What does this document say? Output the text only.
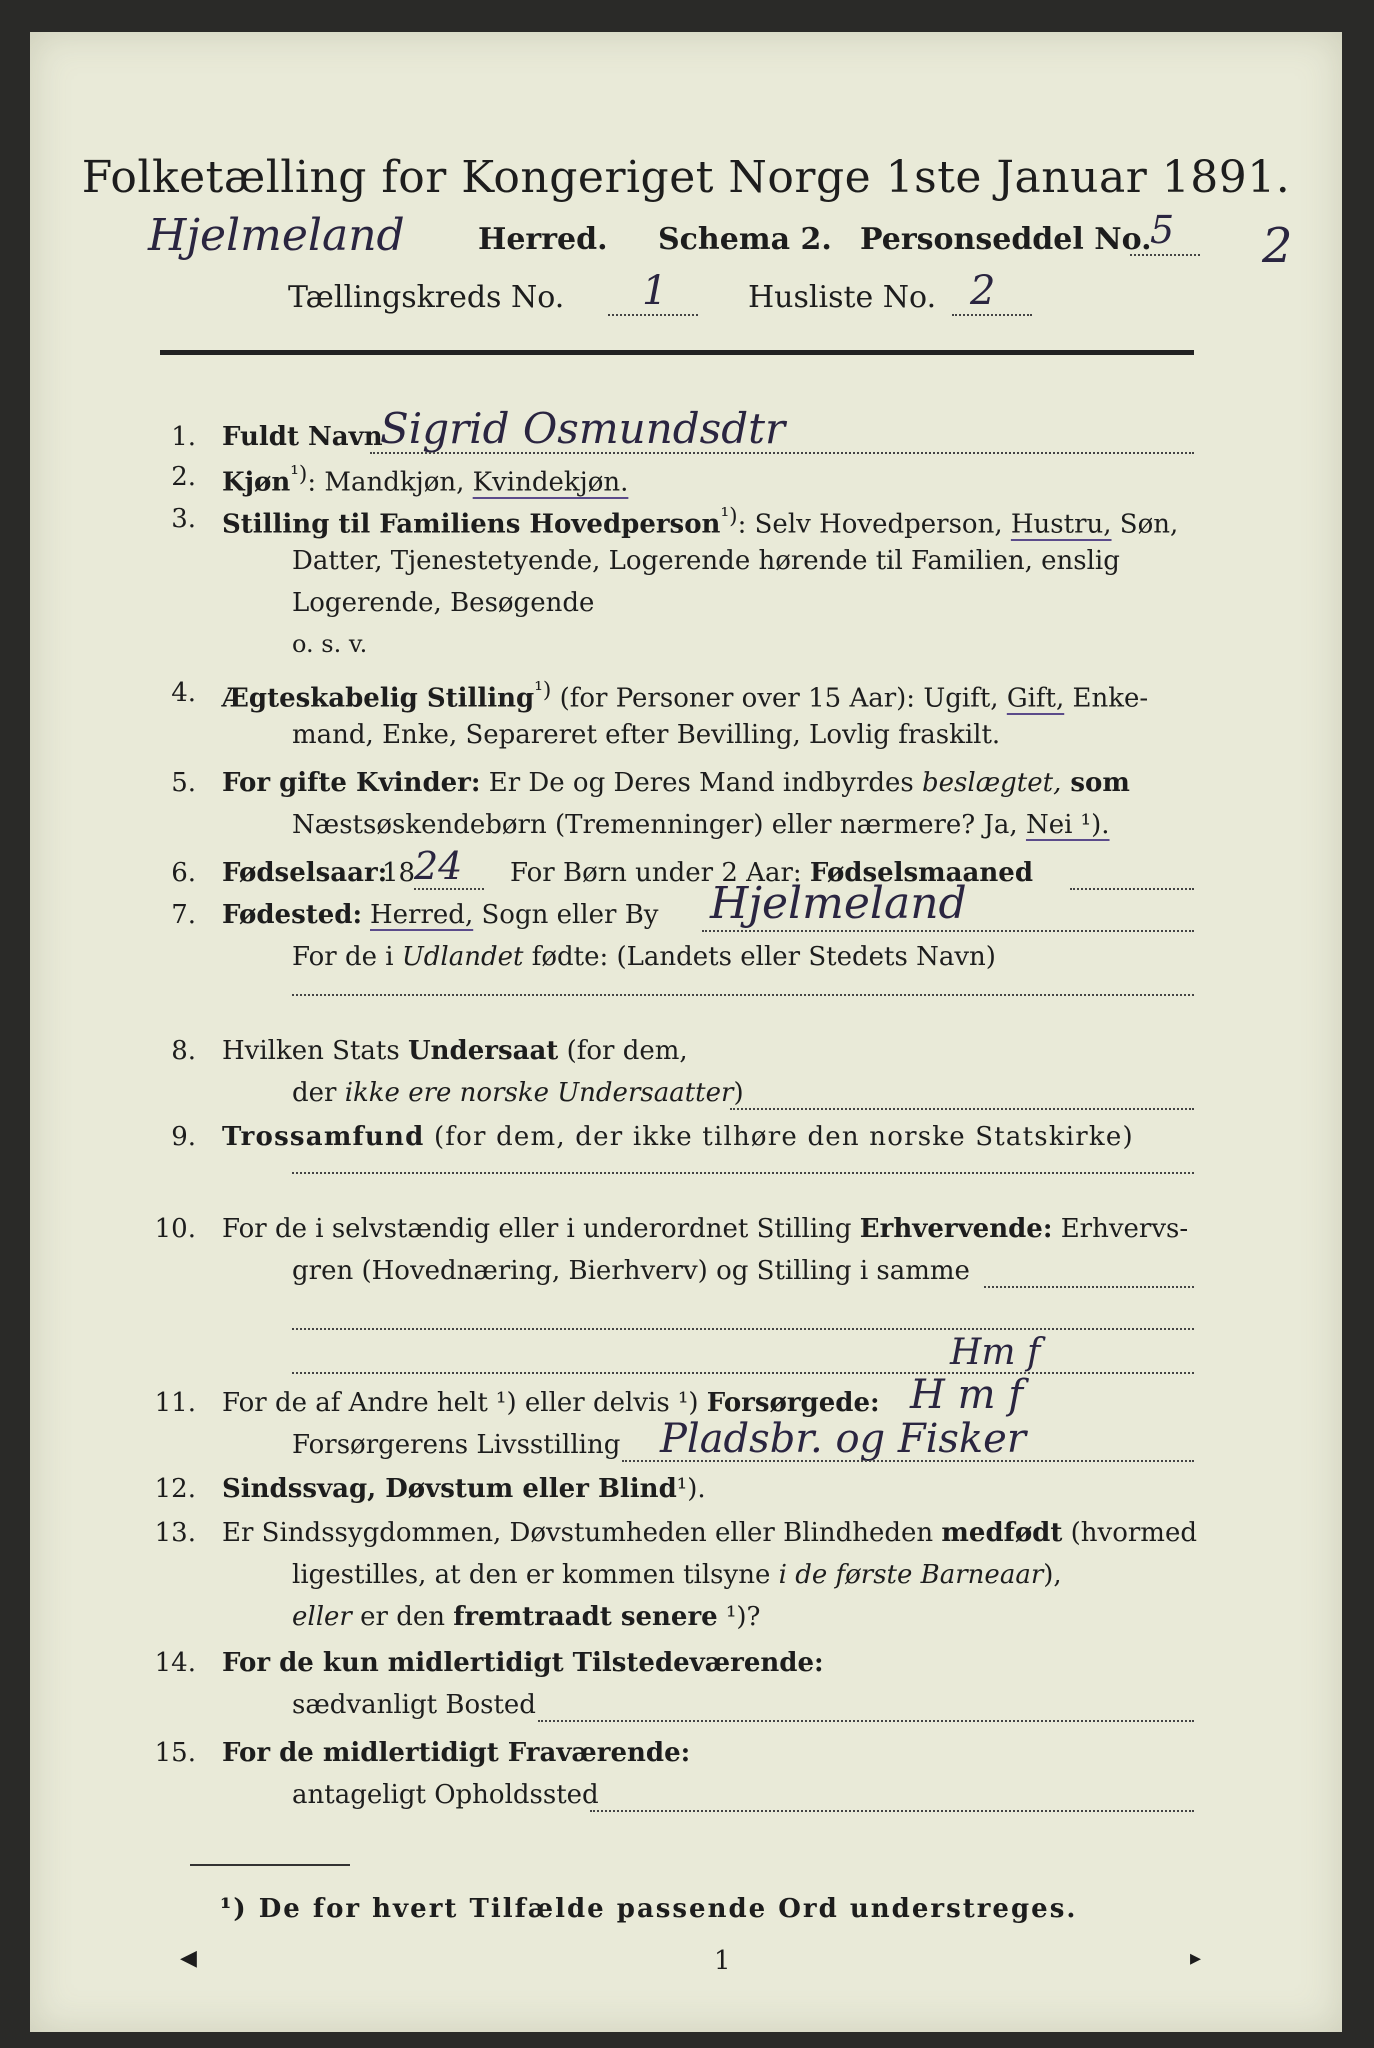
Folketælling for Kongeriget Norge 1ste Januar 1891.
Hjelmeland Herred. Schema 2. Personseddel No.
5 2
Tællingskreds No. 1	Husliste No. 2
1. Fuldt Navn
Sigrid Osmundsdtr
2. Kjøn$^{^1)}$: Mandkjøn, Kvindekjøn.
3. Stilling til Familiens Hovedperson$^{^1)}$: Selv Hovedperson, Hustru, Søn,
Datter, Tjenestetyende, Logerende hørende til Familien, enslig
Logerende, Besøgende
o. s. v.
4. Ægteskabelig Stilling$^{^1)}$ (for Personer over 15 Aar): Ugift, Gift, Enke-
mand, Enke, Separeret efter Bevilling, Lovlig fraskilt.
5. For gifte Kvinder: Er De og Deres Mand indbyrdes beslægtet, som
Næstsøskendebørn (Tremenninger) eller nærmere? Ja, Nei ¹).
6. Fødselsaar:
18
24 For Børn under 2 Aar: Fødselsmaaned
7. Fødested: Herred, Sogn eller By Hjelmeland
For de i Udlandet fødte: (Landets eller Stedets Navn)
8. Hvilken Stats Undersaat (for dem,
der ikke ere norske Undersaatter)
9. Trossamfund (for dem, der ikke tilhøre den norske Statskirke)
10. For de i selvstændig eller i underordnet Stilling Erhvervende: Erhvervs-
gren (Hovednæring, Bierhverv) og Stilling i samme
Hm f
11. For de af Andre helt ¹) eller delvis ¹) Forsørgede: H m f
Forsørgerens Livsstilling Pladsbr. og Fisker
12. Sindssvag, Døvstum eller Blind¹).
13. Er Sindssygdommen, Døvstumheden eller Blindheden medfødt (hvormed
ligestilles, at den er kommen tilsyne i de første Barneaar),
eller er den fremtraadt senere ¹)?
14. For de kun midlertidigt Tilstedeværende:
sædvanligt Bosted
15. For de midlertidigt Fraværende:
antageligt Opholdssted
¹) De for hvert Tilfælde passende Ord understreges.
1
◀	▸
